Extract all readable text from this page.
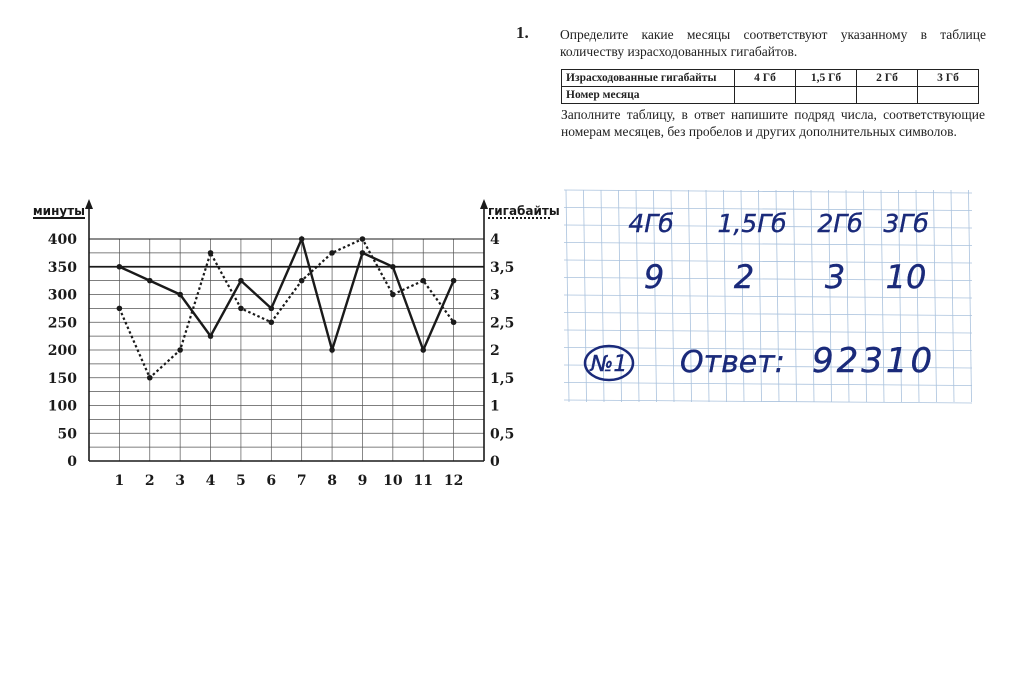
1. Определите какие месяцы соответствуют указанному в таблице количеству израсходованных гигабайтов.
Израсходованные гигабайты	4 Гб	1,5 Гб	2 Гб	3 Гб
Номер месяца				
Заполните таблицу, в ответ напишите подряд числа, соответствующие номерам месяцев, без пробелов и других дополнительных символов.
0
50
100
150
200
250
300
350
400
0
0,5
1
1,5
2
2,5
3
3,5
4
1 2 3 4 5 6 7 8 9 10 11 12
минуты	гигабайты	4Гб 1,5Гб 2Гб 3Гб
9 2 3 10
№1 Ответ: 92310
